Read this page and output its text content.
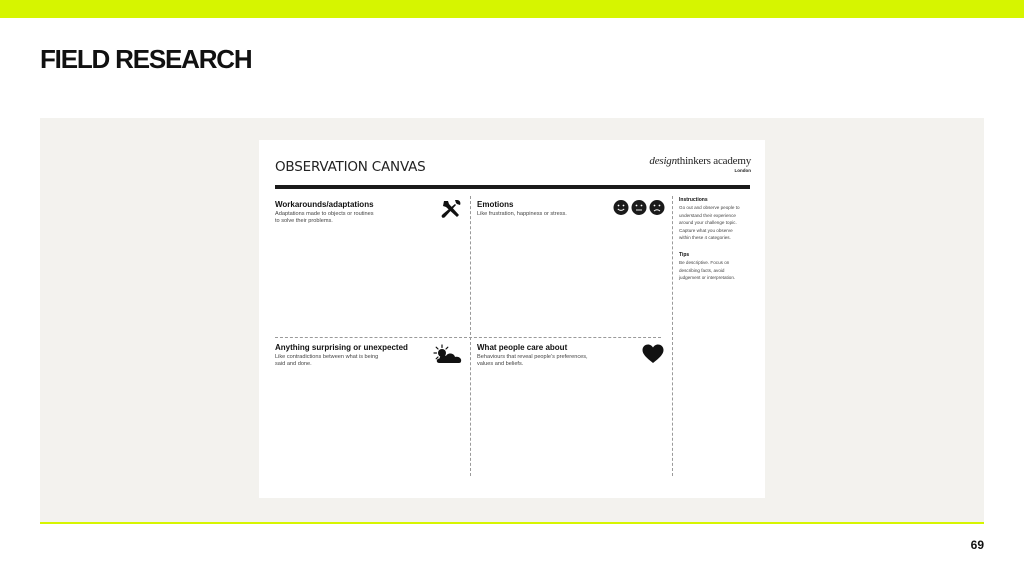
FIELD RESEARCH
OBSERVATION CANVAS	designthinkers academy
London
Workarounds/adaptations
Adaptations made to objects or routines
to solve their problems.
Emotions
Like frustration, happiness or stress.
Anything surprising or unexpected
Like contradictions between what is being
said and done.
What people care about
Behaviours that reveal people’s preferences,
values and beliefs.
Instructions
Go out and observe people to
understand their experience
around your challenge topic.
Capture what you observe
within these 4 categories.
Tips
Be descriptive. Focus on
describing facts, avoid
judgement or interpretation.
69
